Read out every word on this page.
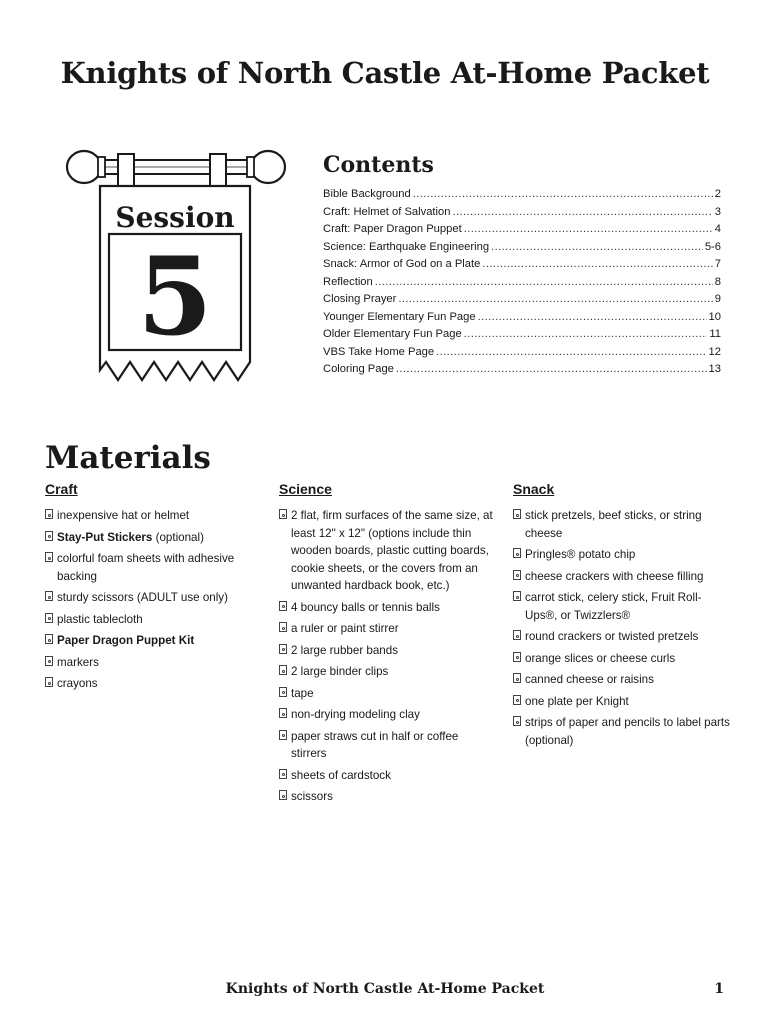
Knights of North Castle At-Home Packet
Session
5
Contents
Bible Background .....	2
Craft: Helmet of Salvation .....	3
Craft: Paper Dragon Puppet .....	4
Science: Earthquake Engineering .....	5-6
Snack: Armor of God on a Plate .....	7
Reflection .....	8
Closing Prayer .....	9
Younger Elementary Fun Page .....	10
Older Elementary Fun Page .....	11
VBS Take Home Page .....	12
Coloring Page .....	13
Materials
Craft
inexpensive hat or helmet
Stay-Put Stickers (optional)
colorful foam sheets with adhesive backing
sturdy scissors (ADULT use only)
plastic tablecloth
Paper Dragon Puppet Kit
markers
crayons
Science
2 flat, firm surfaces of the same size, at least 12" x 12" (options include thin wooden boards, plastic cutting boards, cookie sheets, or the covers from an unwanted hardback book, etc.)
4 bouncy balls or tennis balls
a ruler or paint stirrer
2 large rubber bands
2 large binder clips
tape
non-drying modeling clay
paper straws cut in half or coffee stirrers
sheets of cardstock
scissors
Snack
stick pretzels, beef sticks, or string cheese
Pringles® potato chip
cheese crackers with cheese filling
carrot stick, celery stick, Fruit Roll-Ups®, or Twizzlers®
round crackers or twisted pretzels
orange slices or cheese curls
canned cheese or raisins
one plate per Knight
strips of paper and pencils to label parts (optional)
Knights of North Castle At-Home Packet	1
